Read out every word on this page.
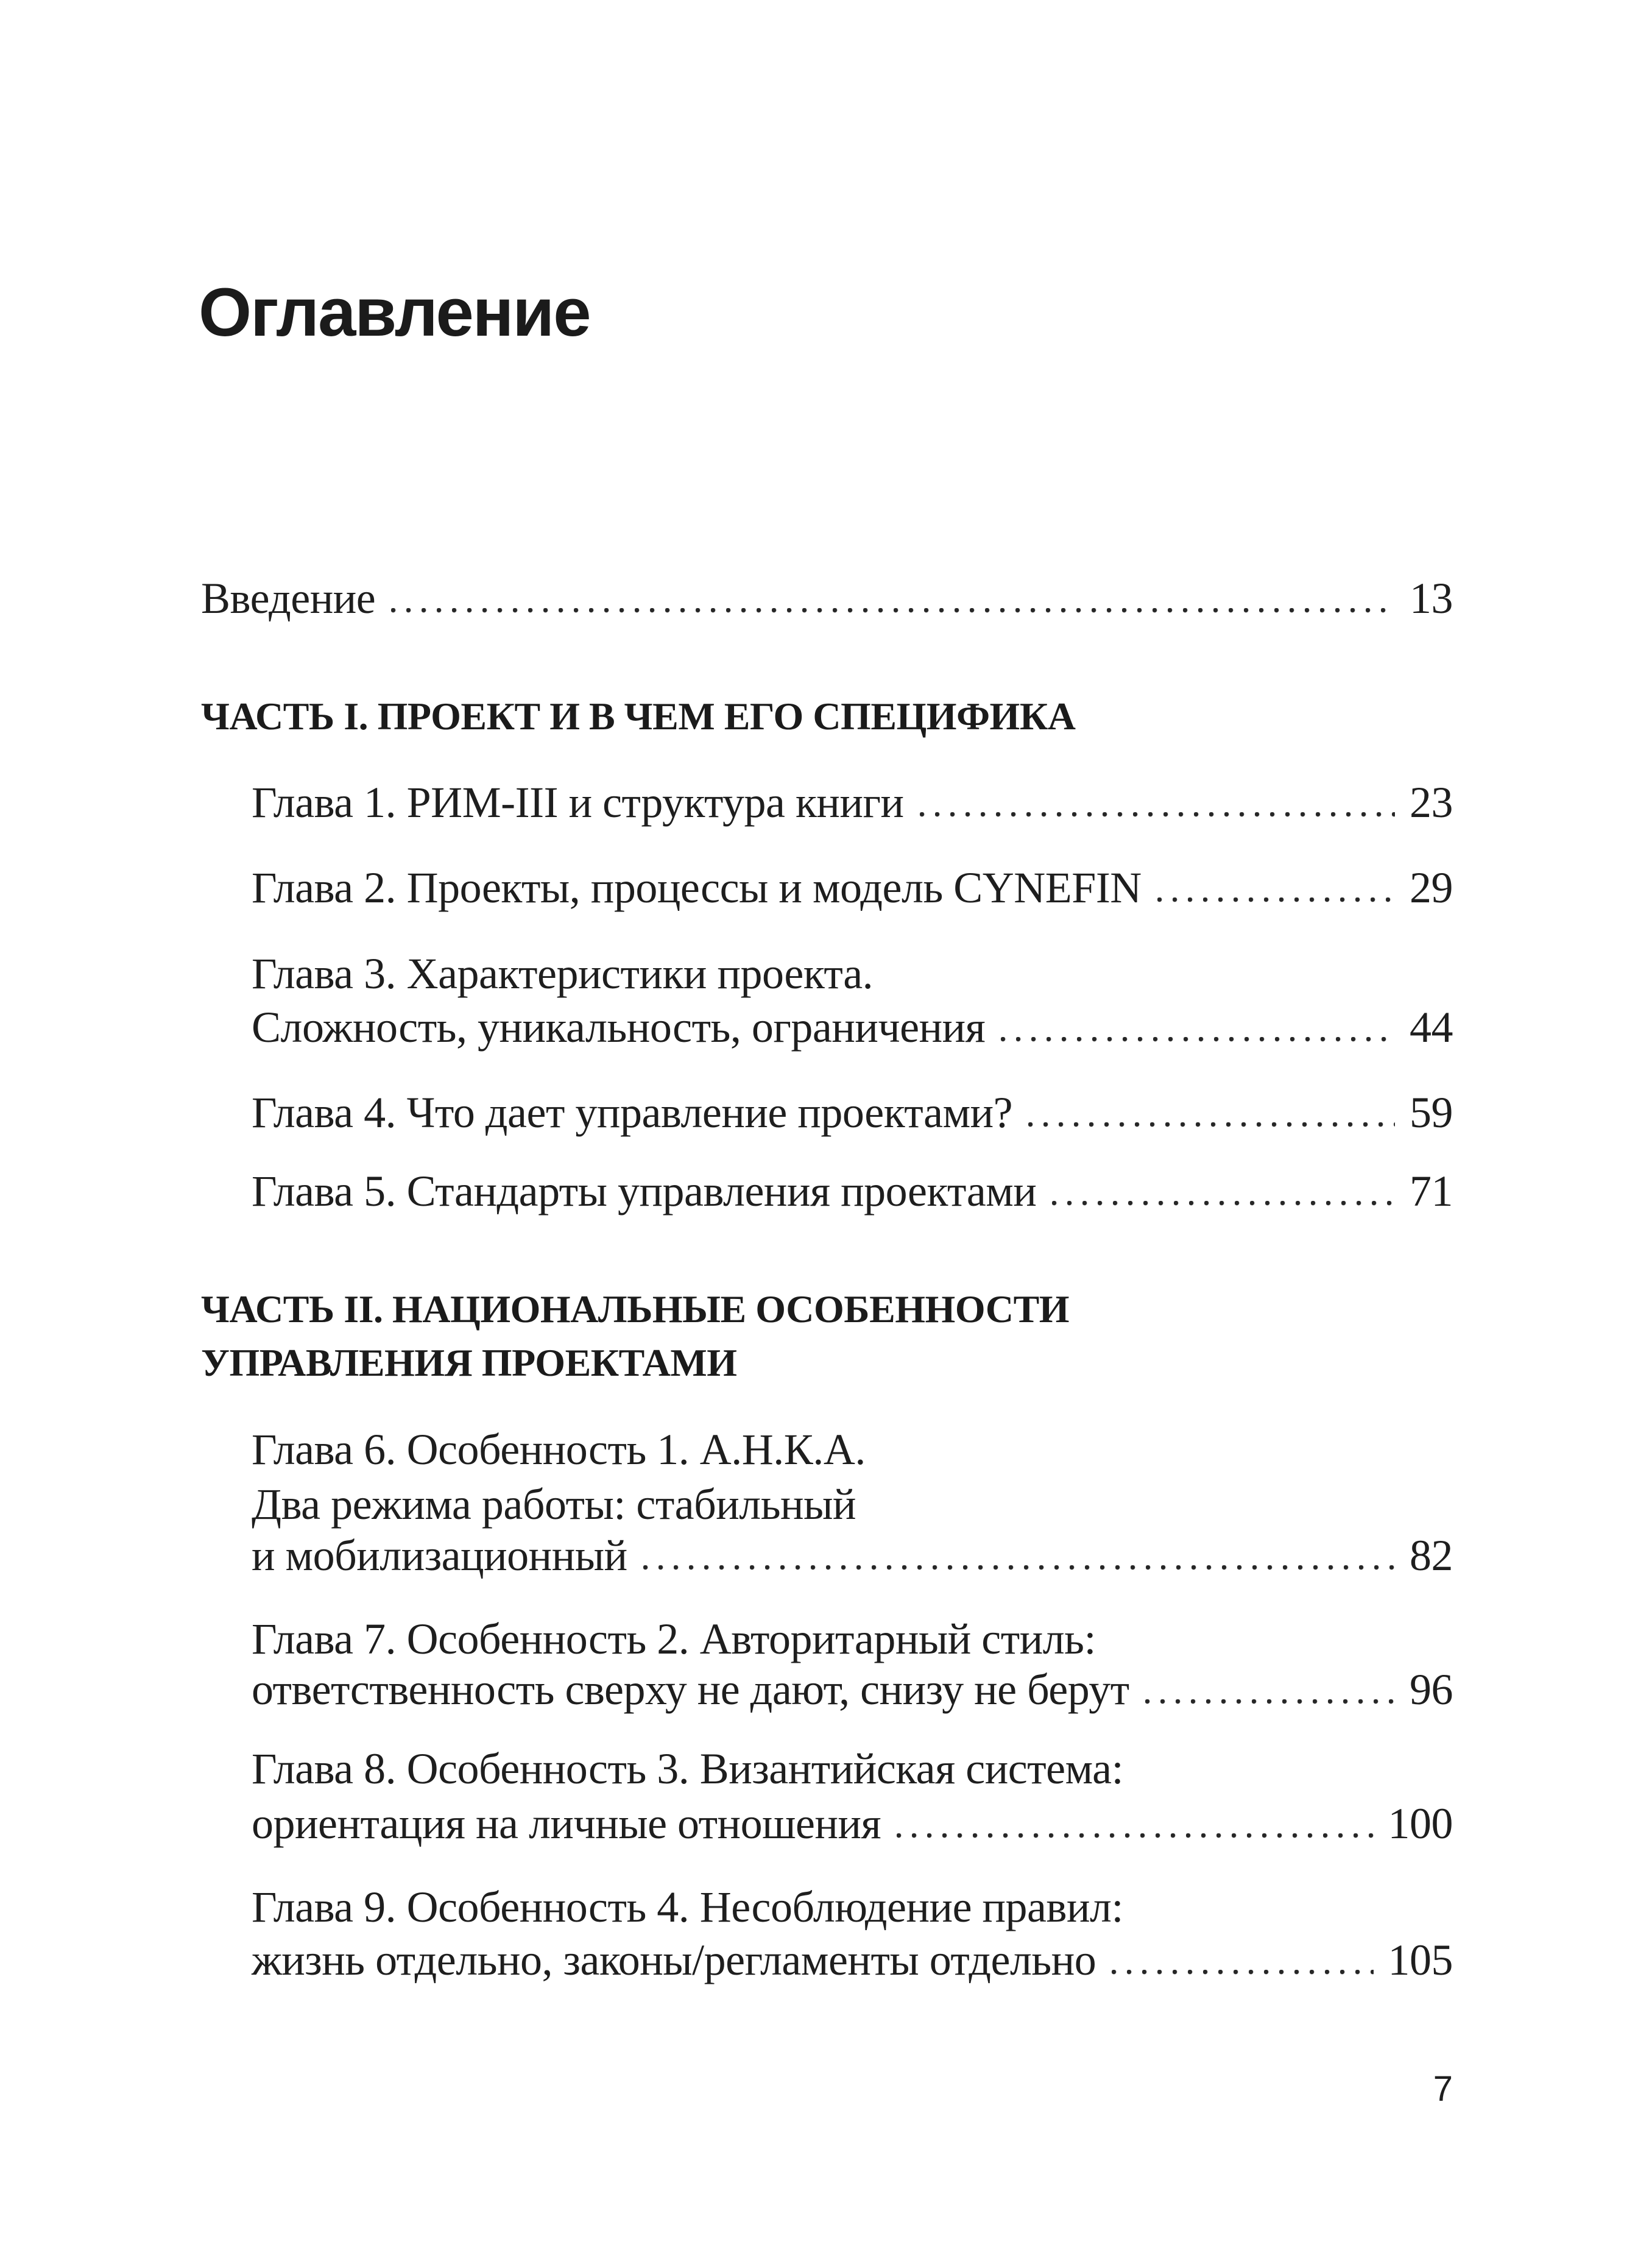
Оглавление
Введение	13
ЧАСТЬ I. ПРОЕКТ И В ЧЕМ ЕГО СПЕЦИФИКА
Глава 1. РИМ-III и структура книги	23
Глава 2. Проекты, процессы и модель CYNEFIN	29
Глава 3. Характеристики проекта.
Сложность, уникальность, ограничения	44
Глава 4. Что дает управление проектами?	59
Глава 5. Стандарты управления проектами	71
ЧАСТЬ II. НАЦИОНАЛЬНЫЕ ОСОБЕННОСТИ
УПРАВЛЕНИЯ ПРОЕКТАМИ
Глава 6. Особенность 1. А.Н.К.А.
Два режима работы: стабильный
и мобилизационный	82
Глава 7. Особенность 2. Авторитарный стиль:
ответственность сверху не дают, снизу не берут	96
Глава 8. Особенность 3. Византийская система:
ориентация на личные отношения	100
Глава 9. Особенность 4. Несоблюдение правил:
жизнь отдельно, законы/регламенты отдельно	105
7
